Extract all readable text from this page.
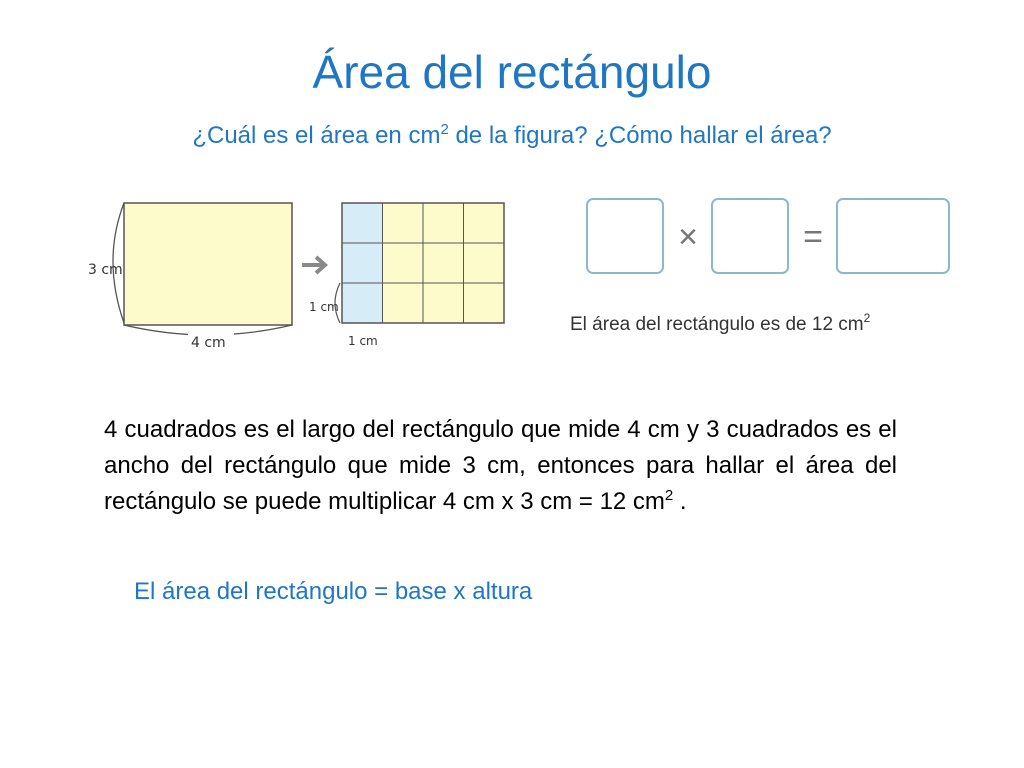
Área del rectángulo
¿Cuál es el área en $cm^2$ de la figura? ¿Cómo hallar el área?
3 cm
4 cm
1 cm
1 cm
×	=
El área del rectángulo es de 12 $cm^2$
4 cuadrados es el largo del rectángulo que mide 4 cm y 3 cuadrados es el ancho del rectángulo que mide 3 cm, entonces para hallar el área del rectángulo se puede multiplicar 4 cm x 3 cm = 12 $cm^2$ .
El área del rectángulo = base x altura
